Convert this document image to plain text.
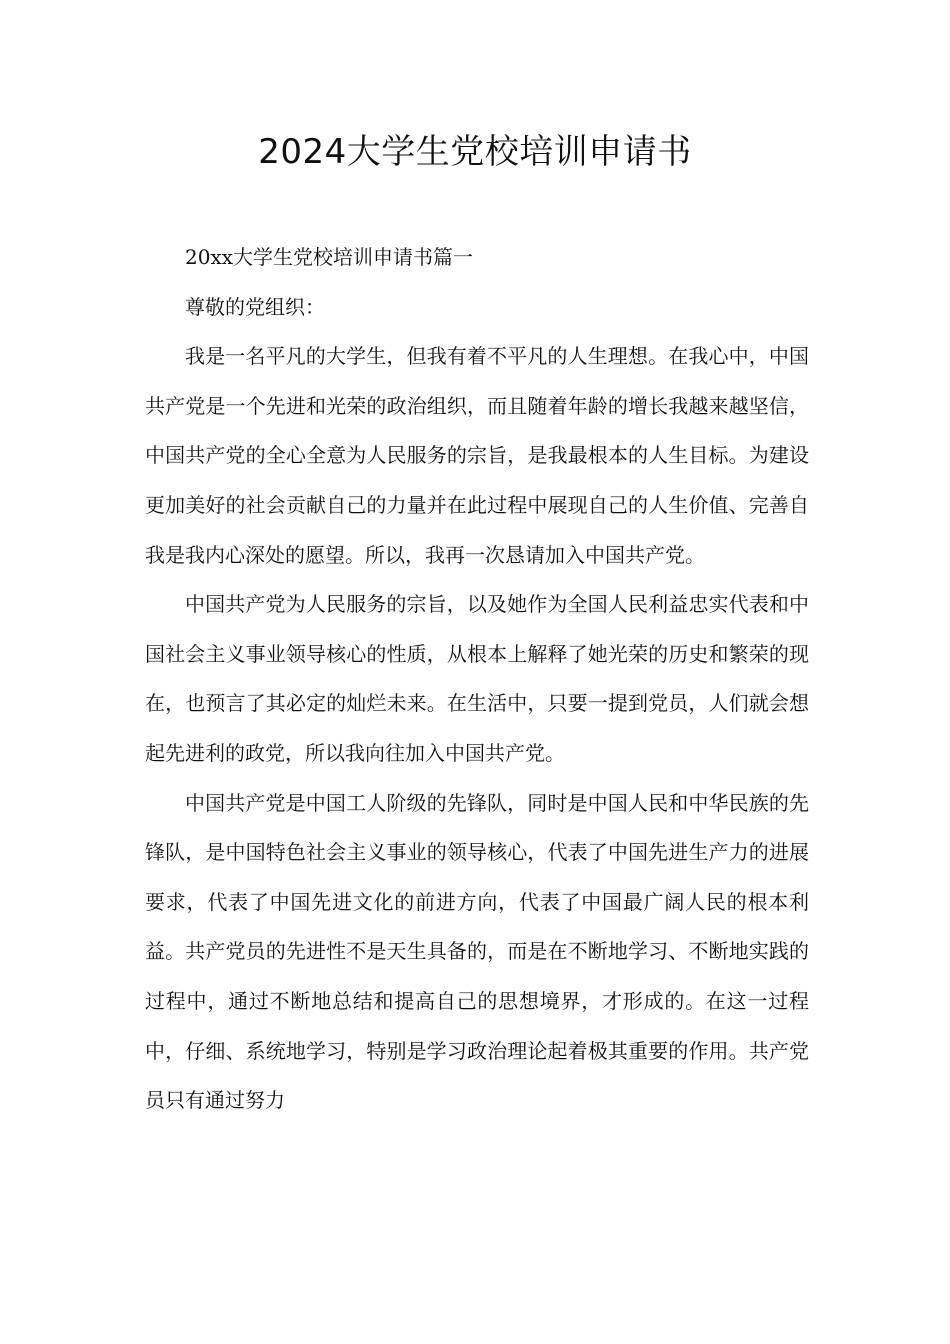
2024大学生党校培训申请书

20xx大学生党校培训申请书篇一

尊敬的党组织：

我是一名平凡的大学生，但我有着不平凡的人生理想。在我心中，中国共产党是一个先进和光荣的政治组织，而且随着年龄的增长我越来越坚信，中国共产党的全心全意为人民服务的宗旨，是我最根本的人生目标。为建设更加美好的社会贡献自己的力量并在此过程中展现自己的人生价值、完善自我是我内心深处的愿望。所以，我再一次恳请加入中国共产党。

中国共产党为人民服务的宗旨，以及她作为全国人民利益忠实代表和中国社会主义事业领导核心的性质，从根本上解释了她光荣的历史和繁荣的现在，也预言了其必定的灿烂未来。在生活中，只要一提到党员，人们就会想起先进利的政党，所以我向往加入中国共产党。

中国共产党是中国工人阶级的先锋队，同时是中国人民和中华民族的先锋队，是中国特色社会主义事业的领导核心，代表了中国先进生产力的进展要求，代表了中国先进文化的前进方向，代表了中国最广阔人民的根本利益。共产党员的先进性不是天生具备的，而是在不断地学习、不断地实践的过程中，通过不断地总结和提高自己的思想境界，才形成的。在这一过程中，仔细、系统地学习，特别是学习政治理论起着极其重要的作用。共产党员只有通过努力
